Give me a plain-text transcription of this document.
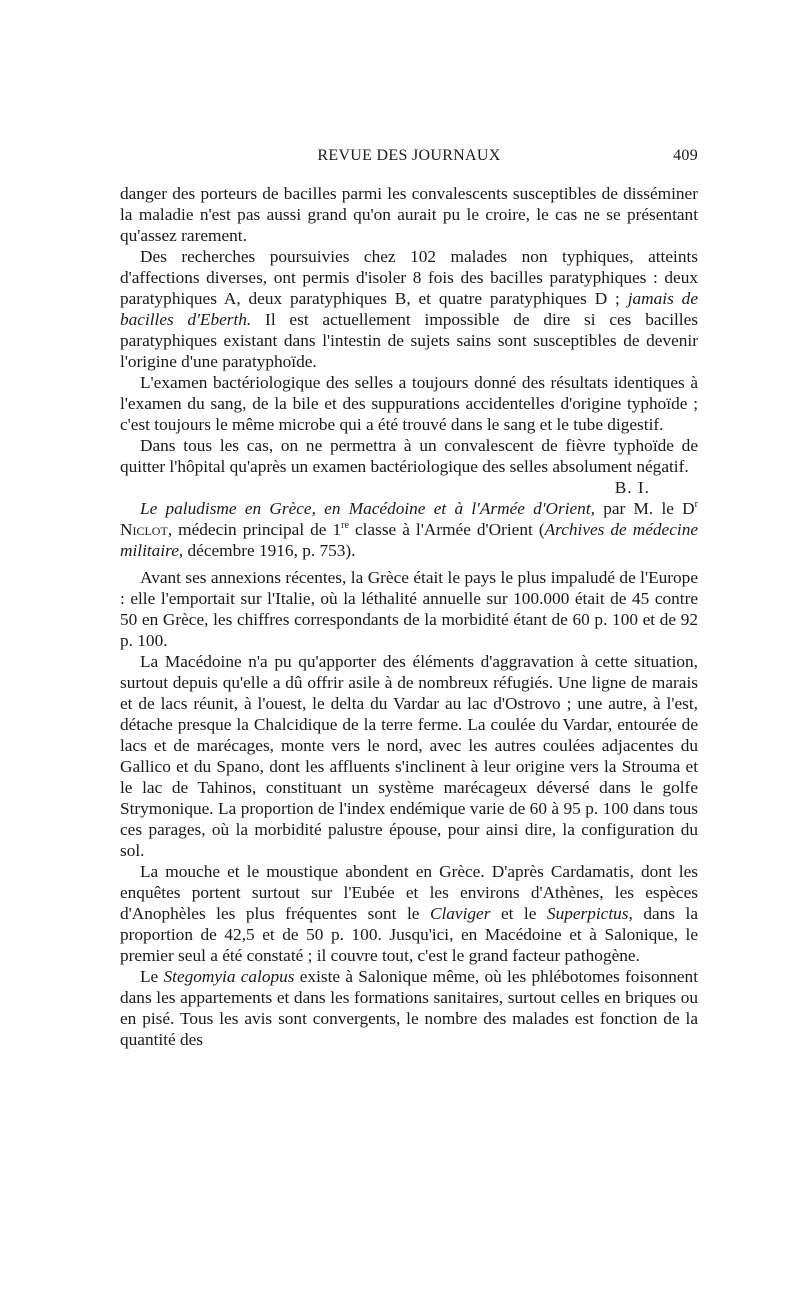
REVUE DES JOURNAUX	409

danger des porteurs de bacilles parmi les convalescents susceptibles de disséminer la maladie n'est pas aussi grand qu'on aurait pu le croire, le cas ne se présentant qu'assez rarement.

Des recherches poursuivies chez 102 malades non typhiques, atteints d'affections diverses, ont permis d'isoler 8 fois des bacilles paratyphiques : deux paratyphiques A, deux paratyphiques B, et quatre paratyphiques D ; jamais de bacilles d'Eberth. Il est actuellement impossible de dire si ces bacilles paratyphiques existant dans l'intestin de sujets sains sont susceptibles de devenir l'origine d'une paratyphoïde.

L'examen bactériologique des selles a toujours donné des résultats identiques à l'examen du sang, de la bile et des suppurations accidentelles d'origine typhoïde ; c'est toujours le même microbe qui a été trouvé dans le sang et le tube digestif.

Dans tous les cas, on ne permettra à un convalescent de fièvre typhoïde de quitter l'hôpital qu'après un examen bactériologique des selles absolument négatif.
B. I.

Le paludisme en Grèce, en Macédoine et à l'Armée d'Orient, par M. le $D^r$ Niclot, médecin principal de 1re classe à l'Armée d'Orient (Archives de médecine militaire, décembre 1916, p. 753).

Avant ses annexions récentes, la Grèce était le pays le plus impaludé de l'Europe : elle l'emportait sur l'Italie, où la léthalité annuelle sur 100.000 était de 45 contre 50 en Grèce, les chiffres correspondants de la morbidité étant de 60 p. 100 et de 92 p. 100.

La Macédoine n'a pu qu'apporter des éléments d'aggravation à cette situation, surtout depuis qu'elle a dû offrir asile à de nombreux réfugiés. Une ligne de marais et de lacs réunit, à l'ouest, le delta du Vardar au lac d'Ostrovo ; une autre, à l'est, détache presque la Chalcidique de la terre ferme. La coulée du Vardar, entourée de lacs et de marécages, monte vers le nord, avec les autres coulées adjacentes du Gallico et du Spano, dont les affluents s'inclinent à leur origine vers la Strouma et le lac de Tahinos, constituant un système marécageux déversé dans le golfe Strymonique. La proportion de l'index endémique varie de 60 à 95 p. 100 dans tous ces parages, où la morbidité palustre épouse, pour ainsi dire, la configuration du sol.

La mouche et le moustique abondent en Grèce. D'après Cardamatis, dont les enquêtes portent surtout sur l'Eubée et les environs d'Athènes, les espèces d'Anophèles les plus fréquentes sont le Claviger et le Superpictus, dans la proportion de 42,5 et de 50 p. 100. Jusqu'ici, en Macédoine et à Salonique, le premier seul a été constaté ; il couvre tout, c'est le grand facteur pathogène.

Le Stegomyia calopus existe à Salonique même, où les phlébotomes foisonnent dans les appartements et dans les formations sanitaires, surtout celles en briques ou en pisé. Tous les avis sont convergents, le nombre des malades est fonction de la quantité des
